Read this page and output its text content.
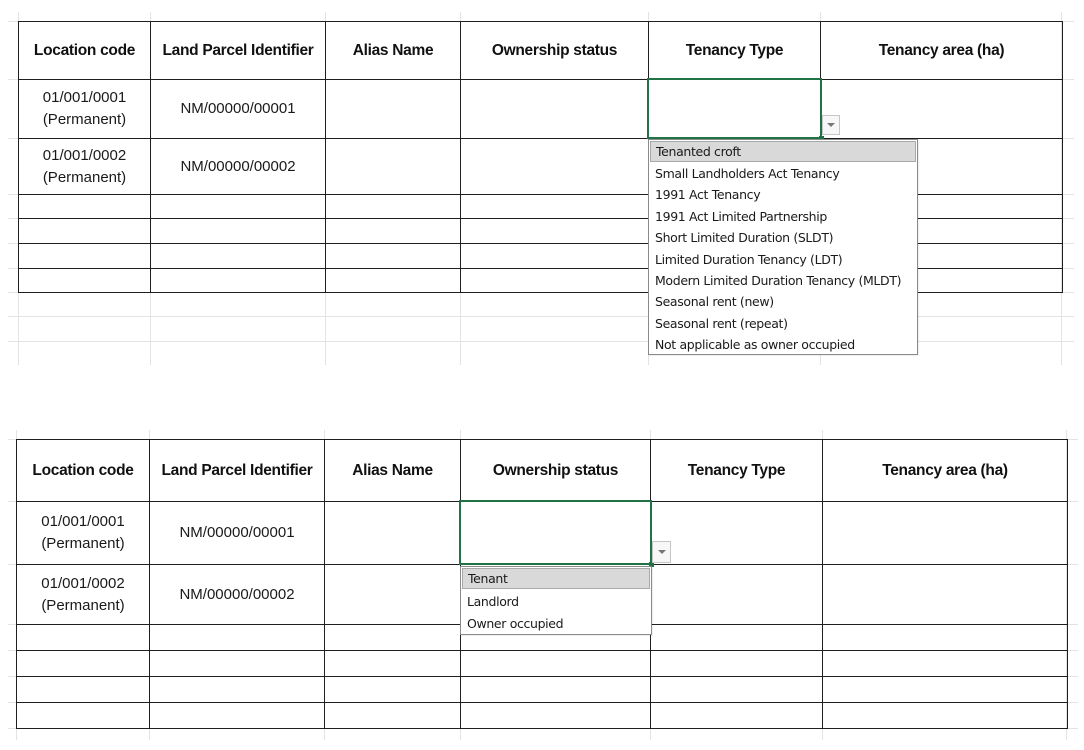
Location code	Land Parcel Identifier	Alias Name	Ownership status	Tenancy Type	Tenancy area (ha)

01/001/0001
(Permanent)	NM/00000/00001				

01/001/0002
(Permanent)	NM/00000/00002				

Tenanted croft
Small Landholders Act Tenancy
1991 Act Tenancy
1991 Act Limited Partnership
Short Limited Duration (SLDT)
Limited Duration Tenancy (LDT)
Modern Limited Duration Tenancy (MLDT)
Seasonal rent (new)
Seasonal rent (repeat)
Not applicable as owner occupied
Location code	Land Parcel Identifier	Alias Name	Ownership status	Tenancy Type	Tenancy area (ha)

01/001/0001
(Permanent)	NM/00000/00001				

01/001/0002
(Permanent)	NM/00000/00002				

Tenant
Landlord
Owner occupied
